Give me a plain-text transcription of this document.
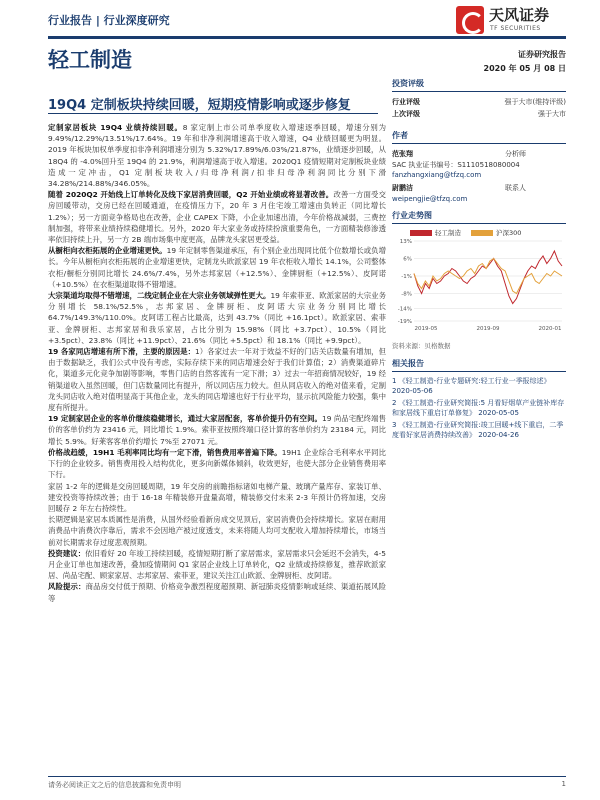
行业报告 | 行业深度研究	天风证券
TF SECURITIES
轻工制造	证券研究报告
2020 年 05 月 08 日
19Q4 定制板块持续回暖，短期疫情影响或逐步修复

定制家居板块 19Q4 业绩持续回暖。8 家定制上市公司单季度收入增速逐季回暖，增速分别为 9.49%/12.29%/13.51%/17.64%。19 年和非净利润增速高于收入增速，Q4 业绩回暖更为明显。2019 年板块加权单季度扣非净利润增速分别为 5.32%/17.89%/6.03%/21.87%，业绩逐步回暖，从 18Q4 的 -4.0%回升至 19Q4 的 21.9%，利润增速高于收入增速。2020Q1 疫情短期对定制板块业绩造成一定冲击，Q1 定制板块收入/归母净利润/扣非归母净利润同比分别下滑 34.28%/214.88%/346.05%。

随着 2020Q2 开始线上订单转化及线下家居消费回暖，Q2 开始业绩或将显著改善。改善一方面受交房回暖带动，交房已经在回暖通道，在疫情压力下，20 年 3 月住宅竣工增速由负转正（同比增长 1.2%）；另一方面竞争格局也在改善，企业 CAPEX 下降，小企业加速出清，今年价格战减弱，三费控制加强，将带来业绩持续稳健增长。另外，2020 年大家业务或持续扮演重要角色，一方面精装修渗透率依旧持续上升，另一方 2B 端市场集中度更高，品牌龙头家居更受益。

从橱柜向衣柜拓展的企业增速更快。19 年定制零售渠道承压，有个别企业出现同比低个位数增长或负增长。今年从橱柜向衣柜拓展的企业增速更快，定制龙头欧派家居 19 年衣柜收入增长 14.1%，公司整体衣柜/橱柜分别同比增长 24.6%/7.4%，另外志邦家居（+12.5%）、金牌厨柜（+12.5%）、皮阿诺（+10.5%）在衣柜渠道取得不错增速。

大宗渠道均取得不错增速，二线定制企业在大宗业务领域弹性更大。19 年索菲亚、欧派家居的大宗业务分别增长 58.1%/52.5%，志邦家居、金牌厨柜、皮阿诺大宗业务分别同比增长 64.7%/149.3%/110.0%。皮阿诺工程占比最高，达到 43.7%（同比 +16.1pct）。欧派家居、索菲亚、金牌厨柜、志邦家居和我乐家居，占比分别为 15.98%（同比 +3.7pct）、10.5%（同比 +3.5pct）、23.8%（同比 +11.9pct）、21.6%（同比 +5.5pct）和 18.1%（同比 +9.9pct）。

19 各家同店增速有所下滑，主要的原因是：1）各家过去一年对于效益不好的门店关店数量有增加，但由于数据缺乏，我们公式中没有考虑，实际存续下来的同店增速会好于我们计算值；2）消费渠道碎片化，渠道多元化竞争加剧等影响，零售门店的自然客流有一定下滑；3）过去一年招商情况较好，19 经销渠道收入虽然回暖，但门店数量同比有提升，所以同店压力较大。但从同店收入的绝对值来看，定制龙头同店收入绝对值明显高于其他企业，龙头的同店增速也好于行业平均，显示抗风险能力较强，集中度有所提升。

19 定制家居企业的客单价继续稳健增长，通过大家居配套，客单价提升仍有空间。19 尚品宅配终端售价的客单价约为 23416 元，同比增长 1.9%。索菲亚按照终端口径计算的客单价约为 23184 元，同比增长 5.9%。好莱客客单价约增长 7%至 27071 元。

价格战趋缓，19H1 毛利率同比均有一定下滑，销售费用率普遍下降。19H1 企业综合毛利率水平同比下行的企业较多。销售费用投入结构优化，更多向新媒体倾斜，收效更好，也使大部分企业销售费用率下行。

家居 1-2 年的逻辑是交房回暖周期，19 年交房的前瞻指标诸如电梯产量、玻璃产量库存、家装订单、建安投资等持续改善；由于 16-18 年精装修开盘量高增，精装修交付未来 2-3 年预计仍将加速，交房回暖存 2 年左右持续性。

长期逻辑是家居本质属性是消费，从国外经验看新房成交见顶后，家居消费仍会持续增长。家居在耐用消费品中消费次序靠后，需求不会因地产被过度透支，未来将随人均可支配收入增加持续增长，市场当前对长期需求存过度悲观预期。

投资建议：依旧看好 20 年竣工持续回暖，疫情短期打断了家居需求，家居需求只会延迟不会消失，4-5 月企业订单也加速改善，叠加疫情期间 Q1 家居企业线上订单转化，Q2 业绩或持续修复，推荐欧派家居、尚品宅配、顾家家居、志邦家居、索菲亚，建议关注江山欧派、金牌厨柜、皮阿诺。

风险提示：商品房交付低于预期、价格竞争激烈程度超预期、新冠肺炎疫情影响或延续、渠道拓展风险等

投资评级
行业评级	强于大市(维持评级)
上次评级	强于大市
作者
范张翔	分析师
SAC 执业证书编号：S1110518080004
fanzhangxiang@tfzq.com
尉鹏洁	联系人
weipengjie@tfzq.com
行业走势图
轻工制造	沪深300
13%
6%
-1%
-8%
-14%
-19%
2019-05	2019-09	2020-01
资料来源：贝格数据
相关报告
1 《轻工制造-行业专题研究:轻工行业一季报综述》 2020-05-06
2 《轻工制造-行业研究简报:5 月看好烟草产业链补库存和家居线下重启订单修复》 2020-05-05
3 《轻工制造-行业研究简报:竣工回暖+线下重启，二季度看好家居消费持续改善》 2020-04-26
请务必阅读正文之后的信息披露和免责申明	1
